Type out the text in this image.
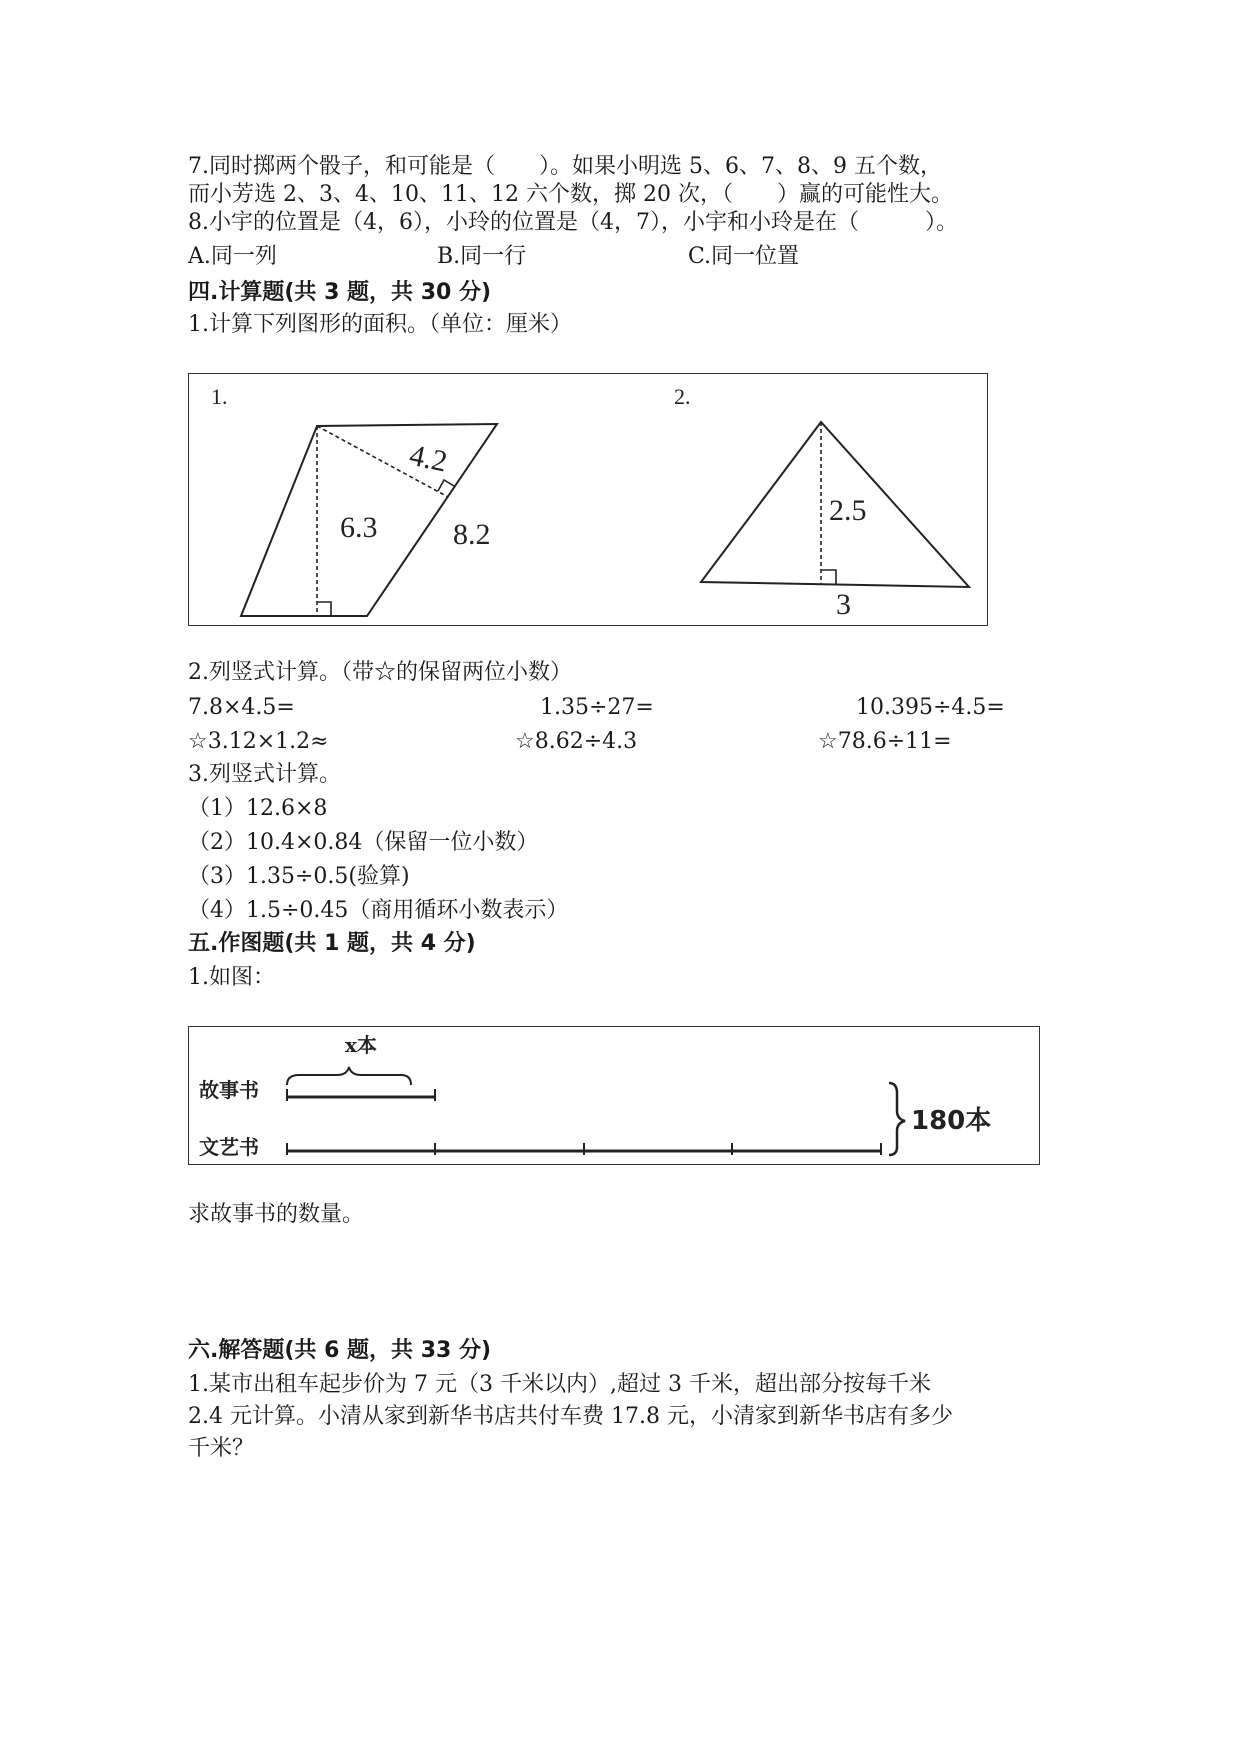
7.同时掷两个骰子，和可能是（　　）。如果小明选 5、6、7、8、9 五个数，
而小芳选 2、3、4、10、11、12 六个数，掷 20 次，（　　）赢的可能性大。
8.小宇的位置是（4，6），小玲的位置是（4，7），小宇和小玲是在（　　　）。
A.同一列	B.同一行	C.同一位置
四.计算题(共 3 题，共 30 分)
1.计算下列图形的面积。（单位：厘米）
1.	2.
4.2
6.3	8.2
2.5
3
2.列竖式计算。（带☆的保留两位小数）
7.8×4.5=	1.35÷27=	10.395÷4.5=
☆3.12×1.2≈	☆8.62÷4.3	☆78.6÷11=
3.列竖式计算。
（1）12.6×8
（2）10.4×0.84（保留一位小数）
（3）1.35÷0.5(验算)
（4）1.5÷0.45（商用循环小数表示）
五.作图题(共 1 题，共 4 分)
1.如图：
x本
故事书
文艺书
180本
求故事书的数量。
六.解答题(共 6 题，共 33 分)
1.某市出租车起步价为 7 元（3 千米以内）,超过 3 千米，超出部分按每千米
2.4 元计算。小清从家到新华书店共付车费 17.8 元，小清家到新华书店有多少
千米？
